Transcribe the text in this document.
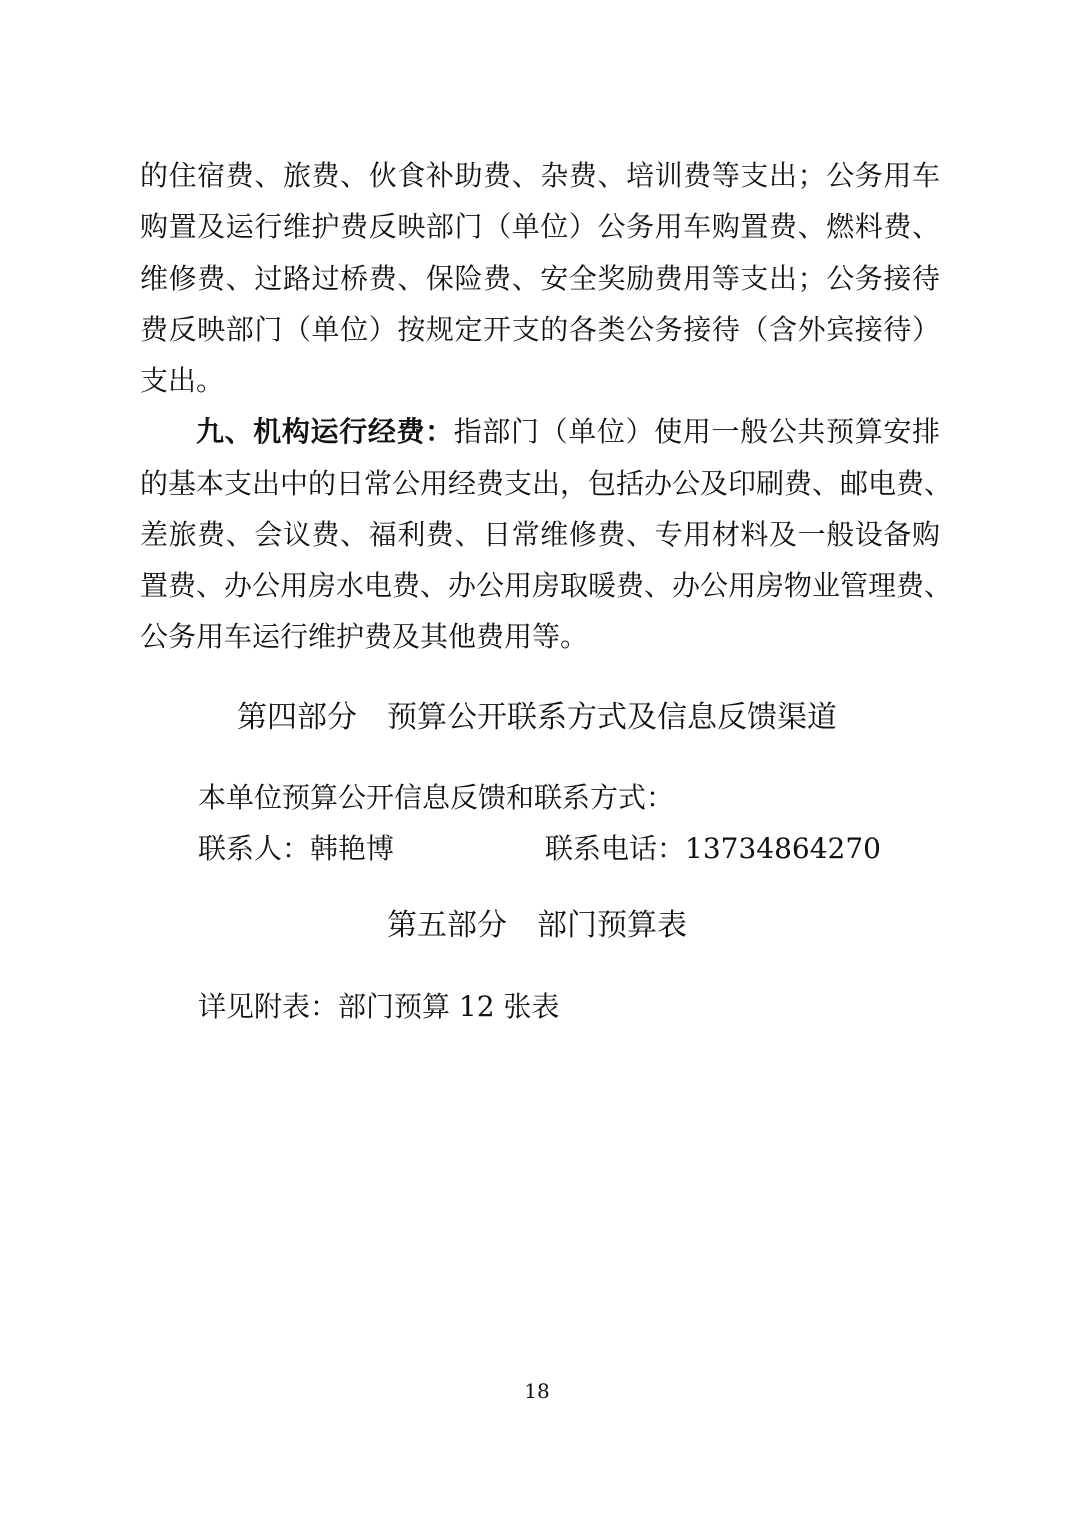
的住宿费、旅费、伙食补助费、杂费、培训费等支出；公务用车
购置及运行维护费反映部门（单位）公务用车购置费、燃料费、
维修费、过路过桥费、保险费、安全奖励费用等支出；公务接待
费反映部门（单位）按规定开支的各类公务接待（含外宾接待）
支出。
九、机构运行经费：指部门（单位）使用一般公共预算安排
的基本支出中的日常公用经费支出，包括办公及印刷费、邮电费、
差旅费、会议费、福利费、日常维修费、专用材料及一般设备购
置费、办公用房水电费、办公用房取暖费、办公用房物业管理费、
公务用车运行维护费及其他费用等。
第四部分　预算公开联系方式及信息反馈渠道
本单位预算公开信息反馈和联系方式：
联系人：韩艳博	联系电话：13734864270
第五部分　部门预算表
详见附表：部门预算 12 张表
18
